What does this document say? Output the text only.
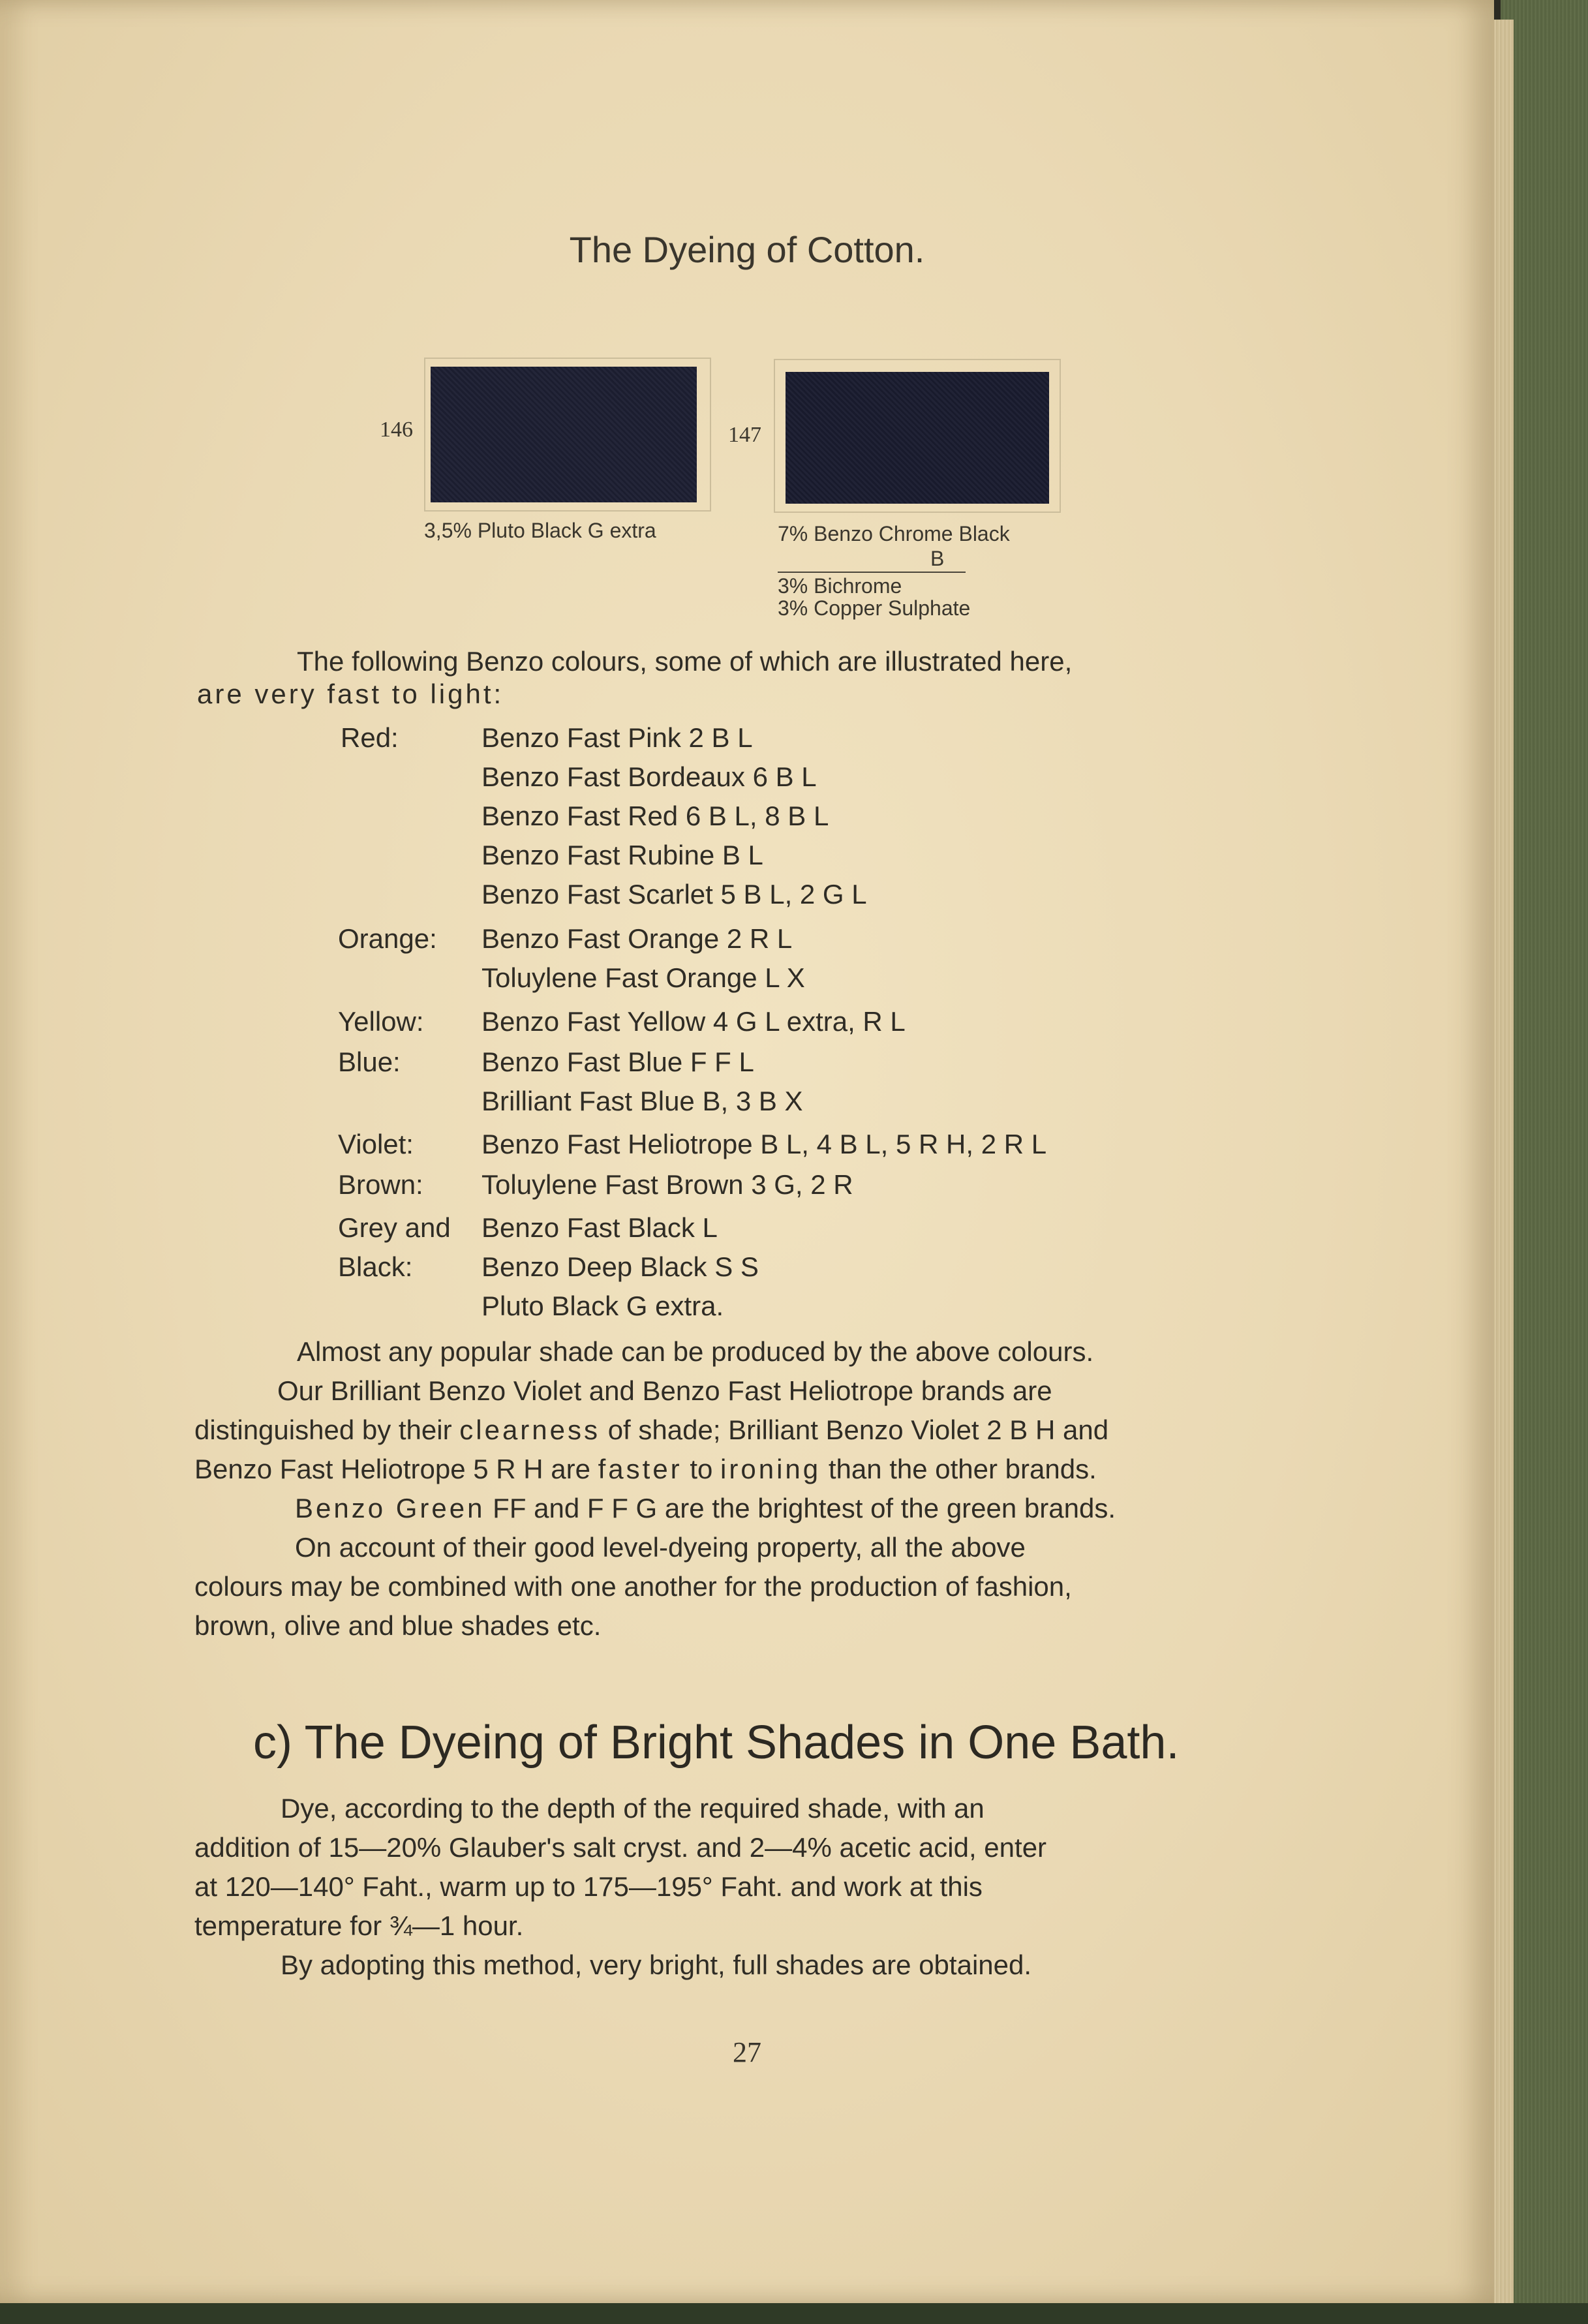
The Dyeing of Cotton.
146
3,5% Pluto Black G extra
147
7% Benzo Chrome Black
B
3% Bichrome
3% Copper Sulphate
The following Benzo colours, some of which are illustrated here,
are very fast to light:
Red:	Benzo Fast Pink 2 B L
Benzo Fast Bordeaux 6 B L
Benzo Fast Red 6 B L, 8 B L
Benzo Fast Rubine B L
Benzo Fast Scarlet 5 B L, 2 G L
Orange: Benzo Fast Orange 2 R L
Toluylene Fast Orange L X
Yellow: Benzo Fast Yellow 4 G L extra, R L
Blue:	Benzo Fast Blue F F L
Brilliant Fast Blue B, 3 B X
Violet: Benzo Fast Heliotrope B L, 4 B L, 5 R H, 2 R L
Brown: Toluylene Fast Brown 3 G, 2 R
Grey and Benzo Fast Black L
Black:	Benzo Deep Black S S
Pluto Black G extra.
Almost any popular shade can be produced by the above colours.
Our Brilliant Benzo Violet and Benzo Fast Heliotrope brands are
distinguished by their clearness of shade; Brilliant Benzo Violet 2 B H and
Benzo Fast Heliotrope 5 R H are faster to ironing than the other brands.
Benzo Green FF and F F G are the brightest of the green brands.
On account of their good level-dyeing property, all the above
colours may be combined with one another for the production of fashion,
brown, olive and blue shades etc.
c) The Dyeing of Bright Shades in One Bath.
Dye, according to the depth of the required shade, with an
addition of 15—20% Glauber's salt cryst. and 2—4% acetic acid, enter
at 120—140° Faht., warm up to 175—195° Faht. and work at this
temperature for ¾—1 hour.
By adopting this method, very bright, full shades are obtained.
27
